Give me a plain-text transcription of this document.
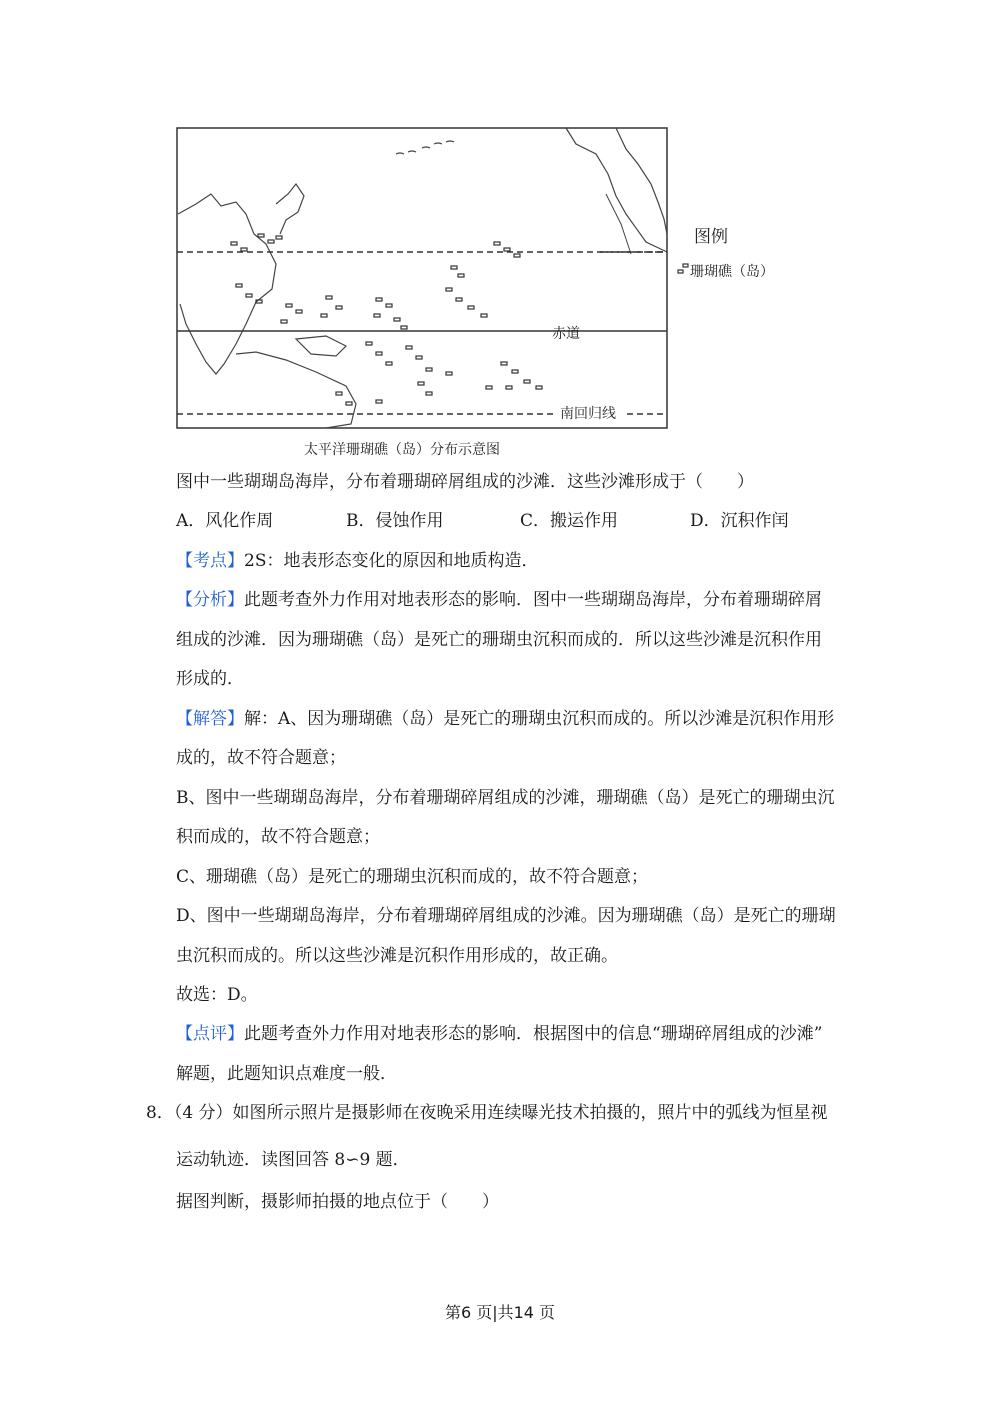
图例
珊瑚礁（岛）
赤道
南回归线
太平洋珊瑚礁（岛）分布示意图
图中一些瑚瑚岛海岸，分布着珊瑚碎屑组成的沙滩．这些沙滩形成于（　　）
A．风化作周	B．侵蚀作用	C．搬运作用	D．沉积作闰
【考点】2S：地表形态变化的原因和地质构造．
【分析】此题考查外力作用对地表形态的影响．图中一些瑚瑚岛海岸，分布着珊瑚碎屑
组成的沙滩．因为珊瑚礁（岛）是死亡的珊瑚虫沉积而成的．所以这些沙滩是沉积作用
形成的．
【解答】解：A、因为珊瑚礁（岛）是死亡的珊瑚虫沉积而成的。所以沙滩是沉积作用形
成的，故不符合题意；
B、图中一些瑚瑚岛海岸，分布着珊瑚碎屑组成的沙滩，珊瑚礁（岛）是死亡的珊瑚虫沉
积而成的，故不符合题意；
C、珊瑚礁（岛）是死亡的珊瑚虫沉积而成的，故不符合题意；
D、图中一些瑚瑚岛海岸，分布着珊瑚碎屑组成的沙滩。因为珊瑚礁（岛）是死亡的珊瑚
虫沉积而成的。所以这些沙滩是沉积作用形成的，故正确。
故选：D。
【点评】此题考查外力作用对地表形态的影响．根据图中的信息“珊瑚碎屑组成的沙滩”
解题，此题知识点难度一般．
8．（4 分）如图所示照片是摄影师在夜晚采用连续曝光技术拍摄的，照片中的弧线为恒星视
运动轨迹．读图回答 8∽9 题．
据图判断，摄影师拍摄的地点位于（　　）
第6 页|共14 页
